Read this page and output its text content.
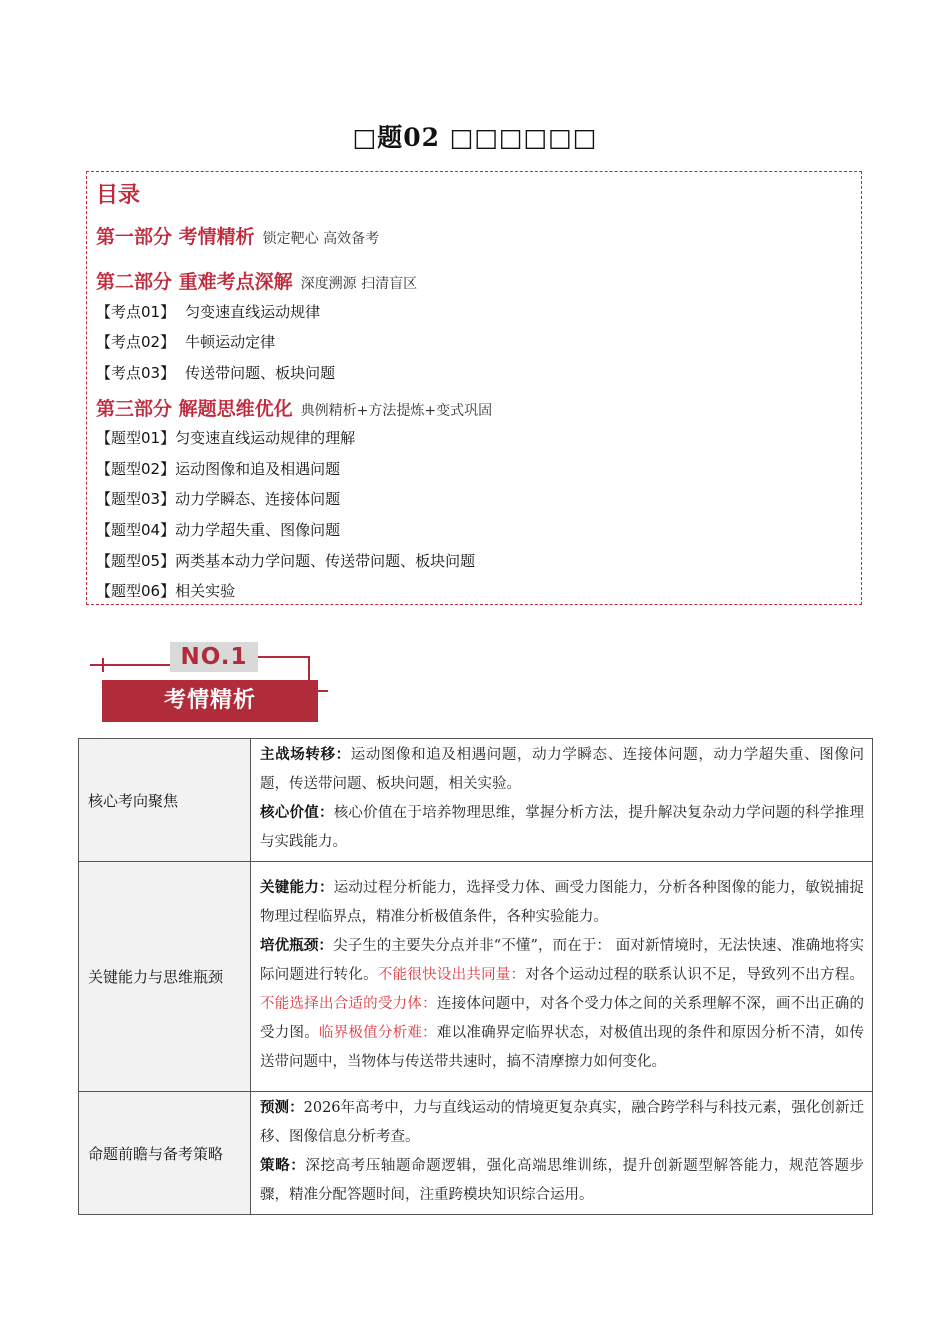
□题02 □□□□□□
目录
第一部分 考情精析 锁定靶心 高效备考
第二部分 重难考点深解 深度溯源 扫清盲区
【考点01】 匀变速直线运动规律
【考点02】 牛顿运动定律
【考点03】 传送带问题、板块问题
第三部分 解题思维优化 典例精析+方法提炼+变式巩固
【题型01】匀变速直线运动规律的理解
【题型02】运动图像和追及相遇问题
【题型03】动力学瞬态、连接体问题
【题型04】动力学超失重、图像问题
【题型05】两类基本动力学问题、传送带问题、板块问题
【题型06】相关实验
NO.1
考情精析
核心考向聚焦	主战场转移：运动图像和追及相遇问题，动力学瞬态、连接体问题，动力学超失重、图像问题，传送带问题、板块问题，相关实验。
核心价值：核心价值在于培养物理思维，掌握分析方法，提升解决复杂动力学问题的科学推理与实践能力。

关键能力与思维瓶颈	关键能力：运动过程分析能力，选择受力体、画受力图能力，分析各种图像的能力，敏锐捕捉物理过程临界点，精准分析极值条件，各种实验能力。
培优瓶颈：尖子生的主要失分点并非“不懂”，而在于： 面对新情境时，无法快速、准确地将实际问题进行转化。不能很快设出共同量：对各个运动过程的联系认识不足，导致列不出方程。不能选择出合适的受力体：连接体问题中，对各个受力体之间的关系理解不深，画不出正确的受力图。临界极值分析难：难以准确界定临界状态，对极值出现的条件和原因分析不清，如传送带问题中，当物体与传送带共速时，搞不清摩擦力如何变化。

命题前瞻与备考策略	预测：2026年高考中，力与直线运动的情境更复杂真实，融合跨学科与科技元素，强化创新迁移、图像信息分析考查。
策略：深挖高考压轴题命题逻辑，强化高端思维训练，提升创新题型解答能力，规范答题步骤，精准分配答题时间，注重跨模块知识综合运用。
